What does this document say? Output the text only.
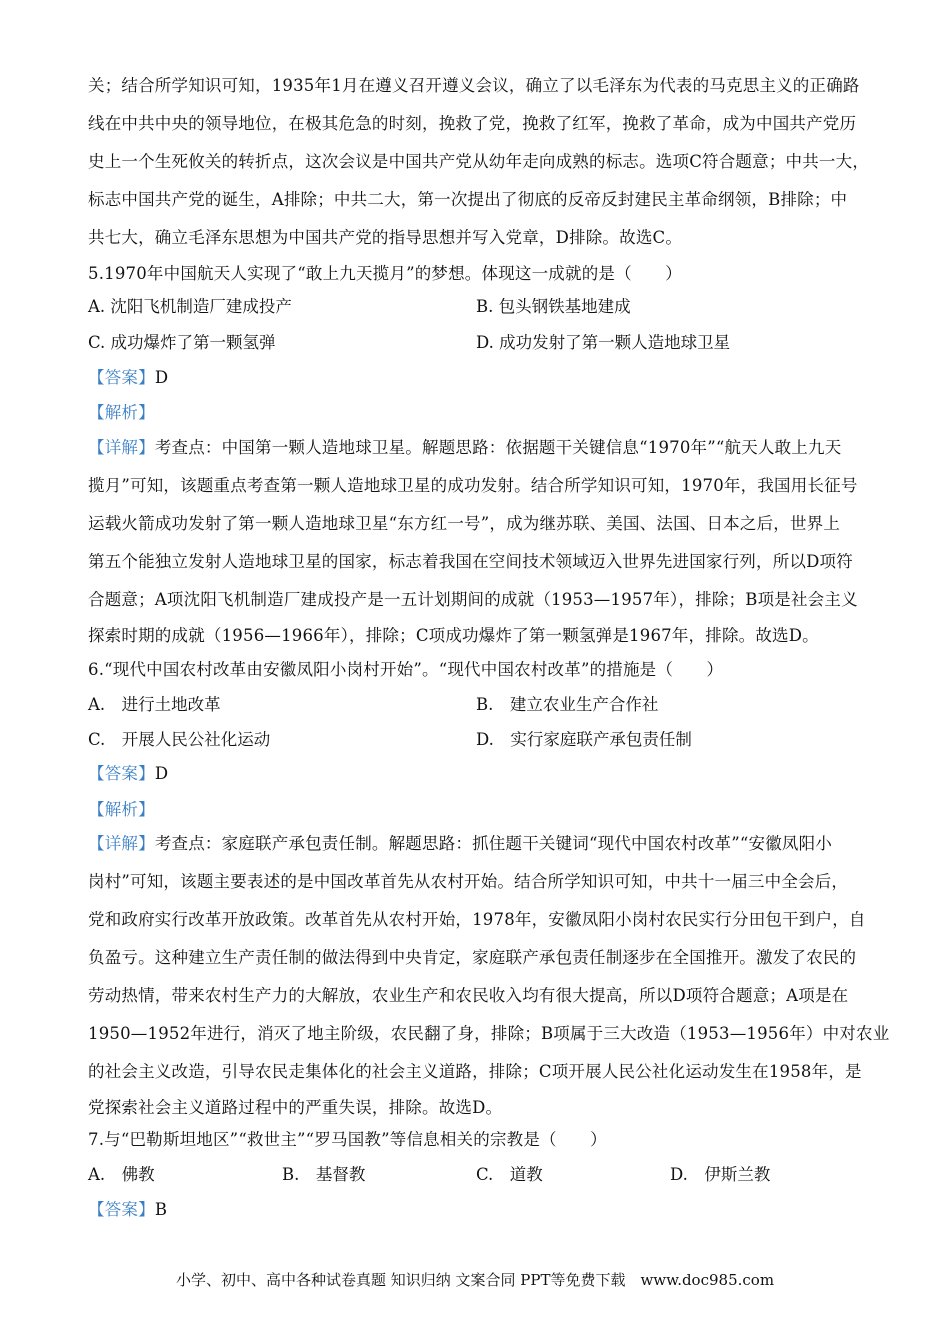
关；结合所学知识可知，1935年1月在遵义召开遵义会议，确立了以毛泽东为代表的马克思主义的正确路
线在中共中央的领导地位，在极其危急的时刻，挽救了党，挽救了红军，挽救了革命，成为中国共产党历
史上一个生死攸关的转折点，这次会议是中国共产党从幼年走向成熟的标志。选项C符合题意；中共一大，
标志中国共产党的诞生，A排除；中共二大，第一次提出了彻底的反帝反封建民主革命纲领，B排除；中
共七大，确立毛泽东思想为中国共产党的指导思想并写入党章，D排除。故选C。
5.1970年中国航天人实现了“敢上九天揽月”的梦想。体现这一成就的是（　　）
A. 沈阳飞机制造厂建成投产	B. 包头钢铁基地建成
C. 成功爆炸了第一颗氢弹	D. 成功发射了第一颗人造地球卫星
【答案】D
【解析】
【详解】考查点：中国第一颗人造地球卫星。解题思路：依据题干关键信息“1970年”“航天人敢上九天
揽月”可知，该题重点考查第一颗人造地球卫星的成功发射。结合所学知识可知，1970年，我国用长征号
运载火箭成功发射了第一颗人造地球卫星“东方红一号”，成为继苏联、美国、法国、日本之后，世界上
第五个能独立发射人造地球卫星的国家，标志着我国在空间技术领域迈入世界先进国家行列，所以D项符
合题意；A项沈阳飞机制造厂建成投产是一五计划期间的成就（1953—1957年），排除；B项是社会主义
探索时期的成就（1956—1966年），排除；C项成功爆炸了第一颗氢弹是1967年，排除。故选D。
6.“现代中国农村改革由安徽凤阳小岗村开始”。“现代中国农村改革”的措施是（　　）
A.　进行土地改革	B.　建立农业生产合作社
C.　开展人民公社化运动	D.　实行家庭联产承包责任制
【答案】D
【解析】
【详解】考查点：家庭联产承包责任制。解题思路：抓住题干关键词“现代中国农村改革”“安徽凤阳小
岗村”可知，该题主要表述的是中国改革首先从农村开始。结合所学知识可知，中共十一届三中全会后，
党和政府实行改革开放政策。改革首先从农村开始，1978年，安徽凤阳小岗村农民实行分田包干到户，自
负盈亏。这种建立生产责任制的做法得到中央肯定，家庭联产承包责任制逐步在全国推开。激发了农民的
劳动热情，带来农村生产力的大解放，农业生产和农民收入均有很大提高，所以D项符合题意；A项是在
1950—1952年进行，消灭了地主阶级，农民翻了身，排除；B项属于三大改造（1953—1956年）中对农业
的社会主义改造，引导农民走集体化的社会主义道路，排除；C项开展人民公社化运动发生在1958年，是
党探索社会主义道路过程中的严重失误，排除。故选D。
7.与“巴勒斯坦地区”“救世主”“罗马国教”等信息相关的宗教是（　　）
A.　佛教	B.　基督教	C.　道教	D.　伊斯兰教
【答案】B
小学、初中、高中各种试卷真题 知识归纳 文案合同 PPT等免费下载　www.doc985.com
